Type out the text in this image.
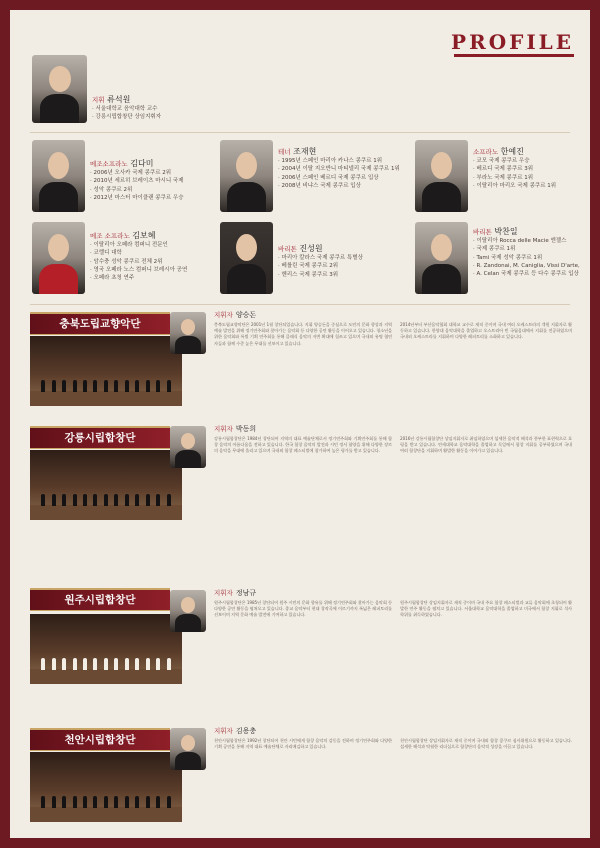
PROFILE
지휘 류석원
· 서울대학교 음악대학 교수
· 강릉시립합창단 상임지휘자
메조소프라노 김다미
· 2006년 오사카 국제 콩쿠르 2위
· 2010년 세르히 브레이츠 마시니 국제
· 성악 콩쿠르 2위
· 2012년 마스터 마이클랜 콩쿠르 우승
테너 조재현
· 1995년 스페인 마리아 카나스 콩쿠르 1위
· 2004년 이탈 지오반니 마티넬리 국제 콩쿠르 1위
· 2006년 스페인 베르디 국제 콩쿠르 입상
· 2008년 비냐스 국제 콩쿠르 입상
소프라노 한예진
· 코모 국제 콩쿠르 우승
· 베르디 국제 콩쿠르 3위
· 부라노 국제 콩쿠르 1위
· 이탈리아 마리오 국제 콩쿠르 1위
메조 소프라노 김보혜
· 이탈리아 오페라 컴퍼니 전문인
· 코렐디 대학
· 암수충 성악 콩쿠르 전체 2위
· 영국 오페라 노스 컴퍼니 브레시아 공연
· 오페라 초청 연주
바리톤 진성원
· 마리아 칼라스 국제 콩쿠르 특별상
· 베를린 국제 콩쿠르 2위
· 헨리스 국제 콩쿠르 3위
바리톤 박찬일
· 이탈리아 Rocca delle Macie 엔젤스
· 국제 콩쿠르 1위
· Tami 국제 성악 콩쿠르 1위
· R. Zandonai, M. Caniglia, Vissi D'arte,
· A. Celan 국제 콩쿠르 등 다수 콩쿠르 입상
충북도립교향악단
지휘자 양승돈
충북도립교향악단은 2001년 1월 창단되었습니다. 지휘 양승돈을 중심으로 도민의 문화 향상과 지역 예술 발전을 위해 정기연주회와 찾아가는 음악회 등 다양한 공연 활동을 이어오고 있습니다. 청소년을 위한 음악회와 특별 기획 연주회를 통해 클래식 음악의 저변 확대에 힘쓰고 있으며 국내외 유명 협연자들과 함께 수준 높은 무대를 선보이고 있습니다.
2014년부터 부산음악협회 대학교 교수로 재직 중이며 국내 여러 오케스트라의 객원 지휘자로 활동하고 있습니다. 한양대 음악대학을 졸업하고 오스트리아 빈 국립음대에서 지휘를 전공하였으며 국내외 오케스트라를 지휘하며 다양한 레퍼토리를 소화하고 있습니다.
강릉시립합창단
지휘자 박동희
강릉시립합창단은 1984년 창단되어 지역의 대표 예술단체로서 정기연주회와 기획연주회를 통해 합창 음악의 아름다움을 전하고 있습니다. 한국 합창 음악의 발전과 시민 정서 함양을 위해 다양한 장르의 음악을 무대에 올리고 있으며 국내외 합창 페스티벌에 참가하여 높은 평가를 받고 있습니다.
2016년 강릉시립합창단 상임지휘자로 취임하였으며 섬세한 음악적 해석과 풍부한 표현력으로 호평을 받고 있습니다. 연세대학교 음악대학을 졸업하고 독일에서 합창 지휘를 공부하였으며 국내 여러 합창단을 지휘하며 활발한 활동을 이어가고 있습니다.
원주시립합창단
지휘자 정남규
원주시립합창단은 1985년 창단되어 원주 시민의 문화 향유를 위해 정기연주회와 찾아가는 음악회 등 다양한 공연 활동을 펼쳐오고 있습니다. 종교 음악부터 현대 창작곡에 이르기까지 폭넓은 레퍼토리를 선보이며 지역 문화 예술 발전에 기여하고 있습니다.
원주시립합창단 상임지휘자로 재직 중이며 국내 주요 합창 페스티벌과 교류 음악회에 초청되어 활발한 연주 활동을 펼치고 있습니다. 서울대학교 음악대학을 졸업하고 미국에서 합창 지휘로 석사 학위를 취득하였습니다.
천안시립합창단
지휘자 김용충
천안시립합창단은 1992년 창단되어 천안 시민에게 합창 음악의 감동을 전하며 정기연주회와 다양한 기획 공연을 통해 지역 대표 예술단체로 자리매김하고 있습니다.
천안시립합창단 상임지휘자로 재직 중이며 국내외 합창 콩쿠르 심사위원으로 활동하고 있습니다. 섬세한 해석과 탁월한 리더십으로 합창단의 음악적 성장을 이끌고 있습니다.
